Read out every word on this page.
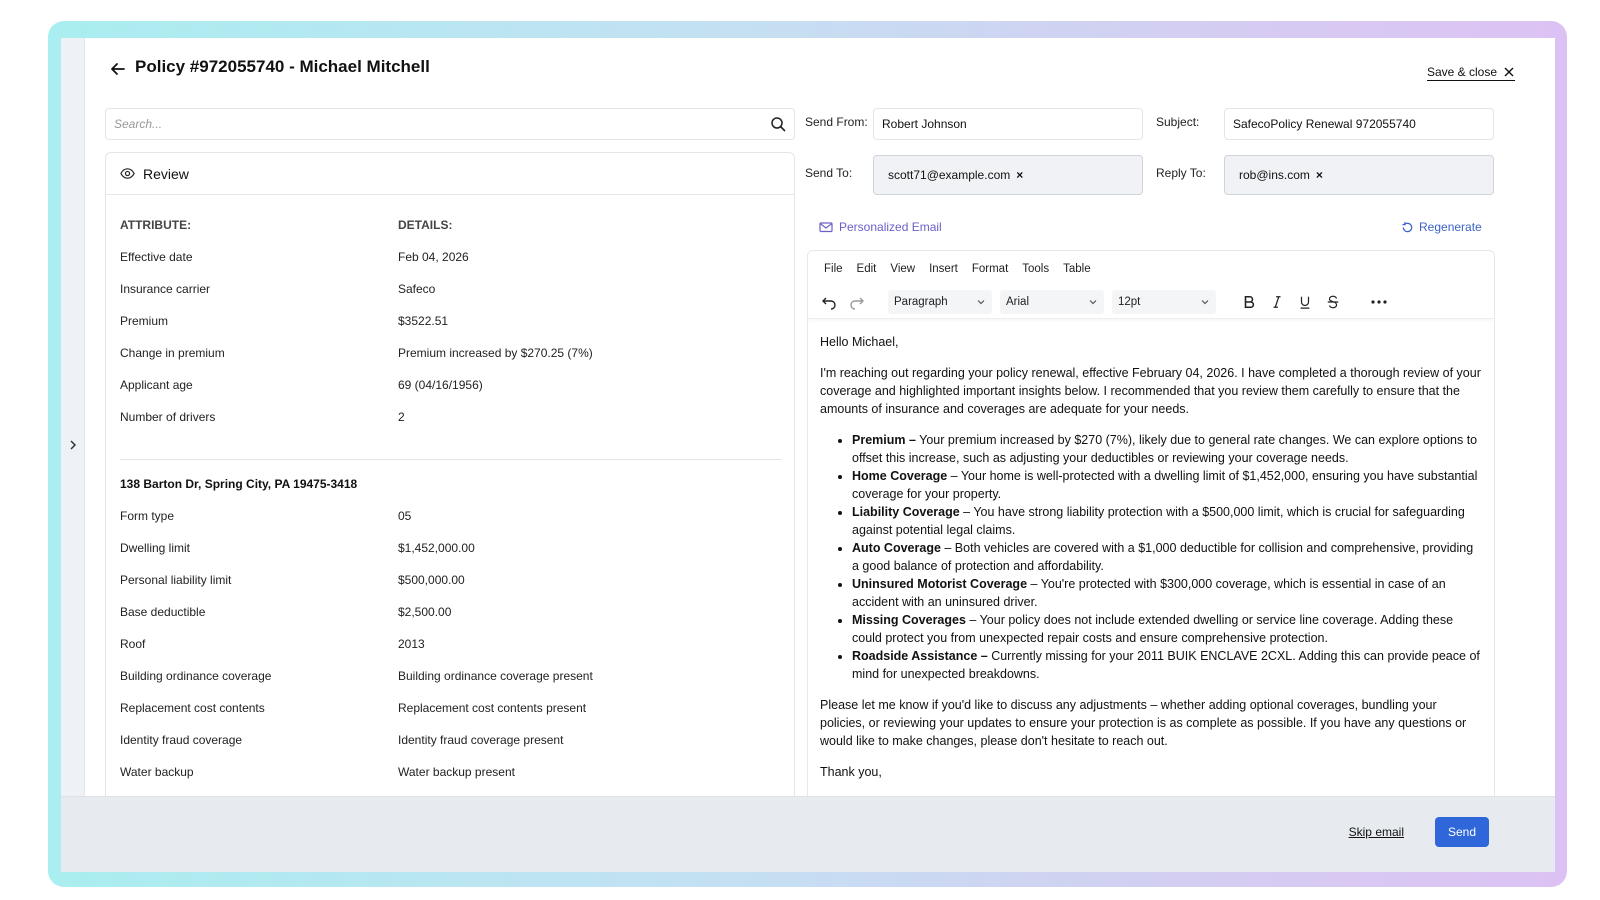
Policy #972055740 - Michael Mitchell	Save & close
Search...
Review
ATTRIBUTE:	DETAILS:
Effective date	Feb 04, 2026
Insurance carrier	Safeco
Premium	$3522.51
Change in premium	Premium increased by $270.25 (7%)
Applicant age	69 (04/16/1956)
Number of drivers	2
138 Barton Dr, Spring City, PA 19475-3418
Form type	05
Dwelling limit	$1,452,000.00
Personal liability limit	$500,000.00
Base deductible	$2,500.00
Roof	2013
Building ordinance coverage	Building ordinance coverage present
Replacement cost contents	Replacement cost contents present
Identity fraud coverage	Identity fraud coverage present
Water backup	Water backup present
Send From: Robert Johnson	Subject:	SafecoPolicy Renewal 972055740
Send To:	scott71@example.com ×	Reply To:	rob@ins.com ×
Personalized Email	Regenerate
File Edit View Insert Format Tools Table
Paragraph	Arial	12pt

Hello Michael,

I'm reaching out regarding your policy renewal, effective February 04, 2026. I have completed a thorough review of your coverage and highlighted important insights below. I recommended that you review them carefully to ensure that the amounts of insurance and coverages are adequate for your needs.

• Premium – Your premium increased by $270 (7%), likely due to general rate changes. We can explore options to offset this increase, such as adjusting your deductibles or reviewing your coverage needs.
• Home Coverage – Your home is well-protected with a dwelling limit of $1,452,000, ensuring you have substantial coverage for your property.
• Liability Coverage – You have strong liability protection with a $500,000 limit, which is crucial for safeguarding against potential legal claims.
• Auto Coverage – Both vehicles are covered with a $1,000 deductible for collision and comprehensive, providing a good balance of protection and affordability.
• Uninsured Motorist Coverage – You're protected with $300,000 coverage, which is essential in case of an accident with an uninsured driver.
• Missing Coverages – Your policy does not include extended dwelling or service line coverage. Adding these could protect you from unexpected repair costs and ensure comprehensive protection.
• Roadside Assistance – Currently missing for your 2011 BUIK ENCLAVE 2CXL. Adding this can provide peace of mind for unexpected breakdowns.

Please let me know if you'd like to discuss any adjustments – whether adding optional coverages, bundling your policies, or reviewing your updates to ensure your protection is as complete as possible. If you have any questions or would like to make changes, please don't hesitate to reach out.

Thank you,

Skip email	Send
